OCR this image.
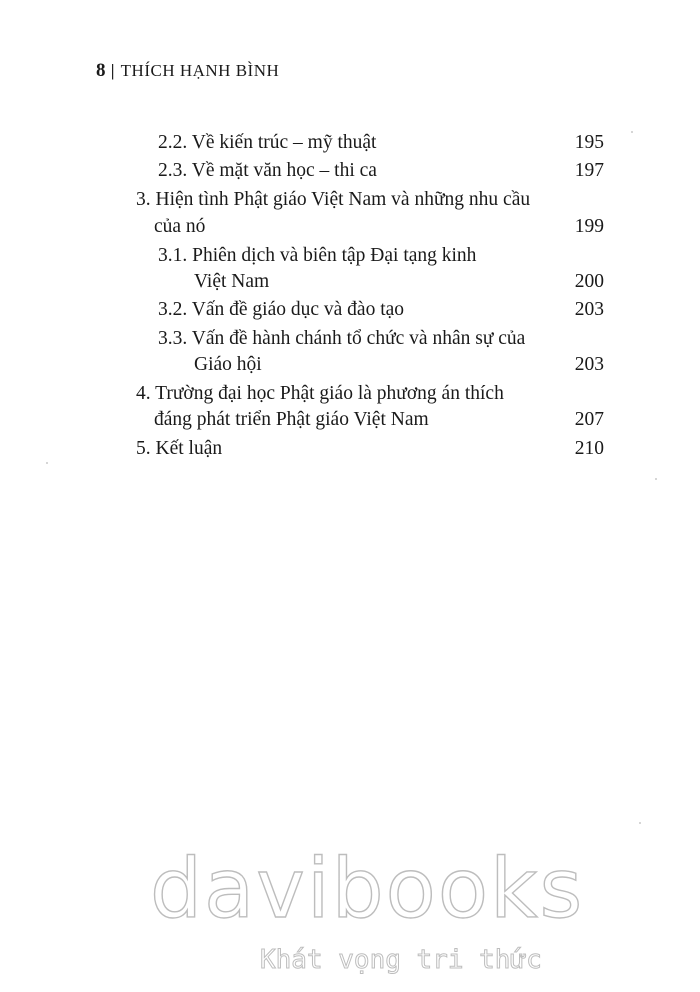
8 | THÍCH HẠNH BÌNH
2.2. Về kiến trúc – mỹ thuật	195
2.3. Về mặt văn học – thi ca	197
3. Hiện tình Phật giáo Việt Nam và những nhu cầu
của nó	199
3.1. Phiên dịch và biên tập Đại tạng kinh
Việt Nam	200
3.2. Vấn đề giáo dục và đào tạo	203
3.3. Vấn đề hành chánh tổ chức và nhân sự của
Giáo hội	203
4. Trường đại học Phật giáo là phương án thích
đáng phát triển Phật giáo Việt Nam	207
5. Kết luận	210
davibooks
Khát vọng tri thức
